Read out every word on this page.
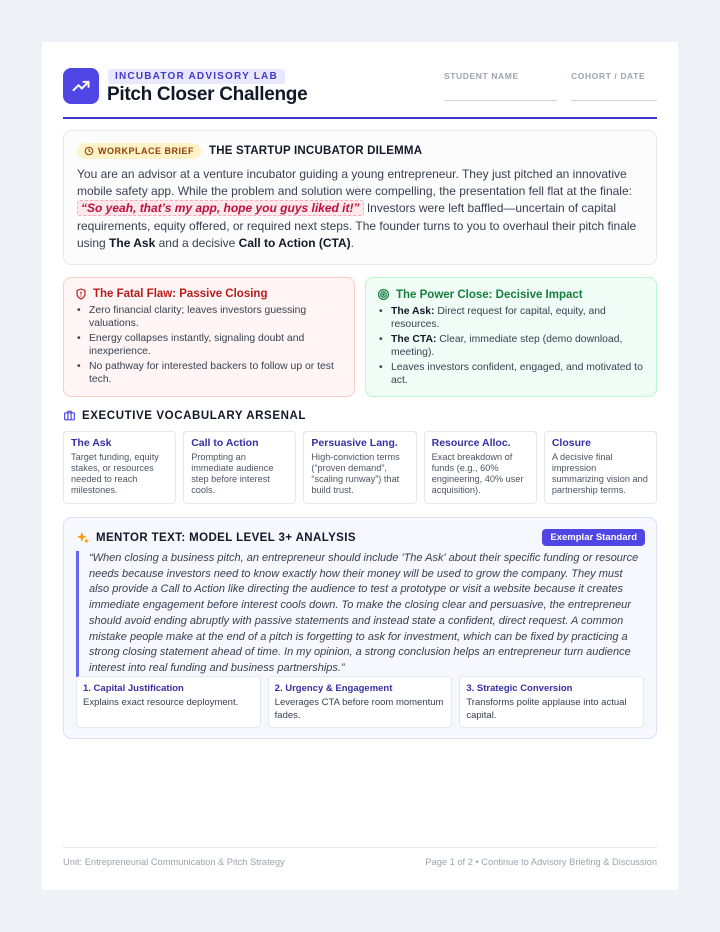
INCUBATOR ADVISORY LAB
Pitch Closer Challenge
STUDENT NAME	COHORT / DATE
WORKPLACE BRIEF THE STARTUP INCUBATOR DILEMMA

You are an advisor at a venture incubator guiding a young entrepreneur. They just pitched an innovative mobile safety app. While the problem and solution were compelling, the presentation fell flat at the finale: “So yeah, that’s my app, hope you guys liked it!” Investors were left baffled—uncertain of capital requirements, equity offered, or required next steps. The founder turns to you to overhaul their pitch finale using The Ask and a decisive Call to Action (CTA).

The Fatal Flaw: Passive Closing
• Zero financial clarity; leaves investors guessing valuations.
• Energy collapses instantly, signaling doubt and inexperience.
• No pathway for interested backers to follow up or test tech.
The Power Close: Decisive Impact
• The Ask: Direct request for capital, equity, and resources.
• The CTA: Clear, immediate step (demo download, meeting).
• Leaves investors confident, engaged, and motivated to act.
EXECUTIVE VOCABULARY ARSENAL
The Ask
Target funding, equity stakes, or resources needed to reach milestones.
Call to Action
Prompting an immediate audience step before interest cools.
Persuasive Lang.
High-conviction terms (“proven demand”, “scaling runway”) that build trust.
Resource Alloc.
Exact breakdown of funds (e.g., 60% engineering, 40% user acquisition).
Closure
A decisive final impression summarizing vision and partnership terms.
MENTOR TEXT: MODEL LEVEL 3+ ANALYSIS	Exemplar Standard

“When closing a business pitch, an entrepreneur should include 'The Ask' about their specific funding or resource needs because investors need to know exactly how their money will be used to grow the company. They must also provide a Call to Action like directing the audience to test a prototype or visit a website because it creates immediate engagement before interest cools down. To make the closing clear and persuasive, the entrepreneur should avoid ending abruptly with passive statements and instead state a confident, direct request. A common mistake people make at the end of a pitch is forgetting to ask for investment, which can be fixed by practicing a strong closing statement ahead of time. In my opinion, a strong conclusion helps an entrepreneur turn audience interest into real funding and business partnerships.”

1. Capital Justification
Explains exact resource deployment.
2. Urgency & Engagement
Leverages CTA before room momentum fades.
3. Strategic Conversion
Transforms polite applause into actual capital.
Unit: Entrepreneurial Communication & Pitch Strategy	Page 1 of 2 • Continue to Advisory Briefing & Discussion
